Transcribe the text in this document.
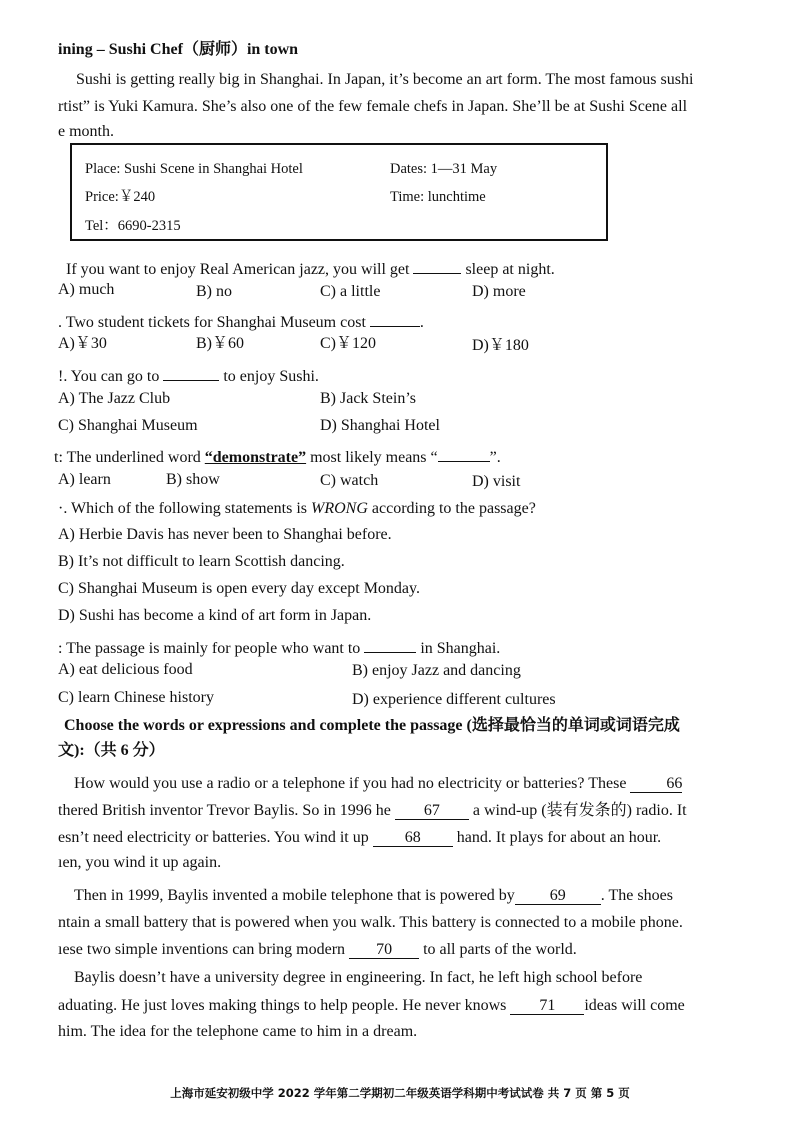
ining – Sushi Chef（厨师）in town
Sushi is getting really big in Shanghai. In Japan, it’s become an art form. The most famous sushi
rtist” is Yuki Kamura. She’s also one of the few female chefs in Japan. She’ll be at Sushi Scene all
e month.
Place: Sushi Scene in Shanghai Hotel	Dates: 1—31 May
Price:￥240	Time: lunchtime
Tel：6690-2315
If you want to enjoy Real American jazz, you will get	sleep at night.
A) much	B) no	C) a little	D) more
. Two student tickets for Shanghai Museum cost	.
A)￥30	B)￥60	C)￥120	D)￥180
!. You can go to	to enjoy Sushi.
A) The Jazz Club	B) Jack Stein’s
C) Shanghai Museum	D) Shanghai Hotel
t: The underlined word “demonstrate” most likely means “	”.
A) learn	B) show	C) watch	D) visit
·. Which of the following statements is WRONG according to the passage?
A) Herbie Davis has never been to Shanghai before.
B) It’s not difficult to learn Scottish dancing.
C) Shanghai Museum is open every day except Monday.
D) Sushi has become a kind of art form in Japan.
: The passage is mainly for people who want to	in Shanghai.
A) eat delicious food	B) enjoy Jazz and dancing
C) learn Chinese history	D) experience different cultures
Choose the words or expressions and complete the passage (选择最恰当的单词或词语完成
文):（共 6 分）
How would you use a radio or a telephone if you had no electricity or batteries? These	66
thered British inventor Trevor Baylis. So in 1996 he 67 a wind-up (装有发条的) radio. It
esn’t need electricity or batteries. You wind it up 68 hand. It plays for about an hour.
ıen, you wind it up again.
Then in 1999, Baylis invented a mobile telephone that is powered by 69 . The shoes
ntain a small battery that is powered when you walk. This battery is connected to a mobile phone.
ıese two simple inventions can bring modern 70 to all parts of the world.
Baylis doesn’t have a university degree in engineering. In fact, he left high school before
aduating. He just loves making things to help people. He never knows 71 ideas will come
him. The idea for the telephone came to him in a dream.
上海市延安初级中学 2022 学年第二学期初二年级英语学科期中考试试卷 共 7 页 第 5 页
